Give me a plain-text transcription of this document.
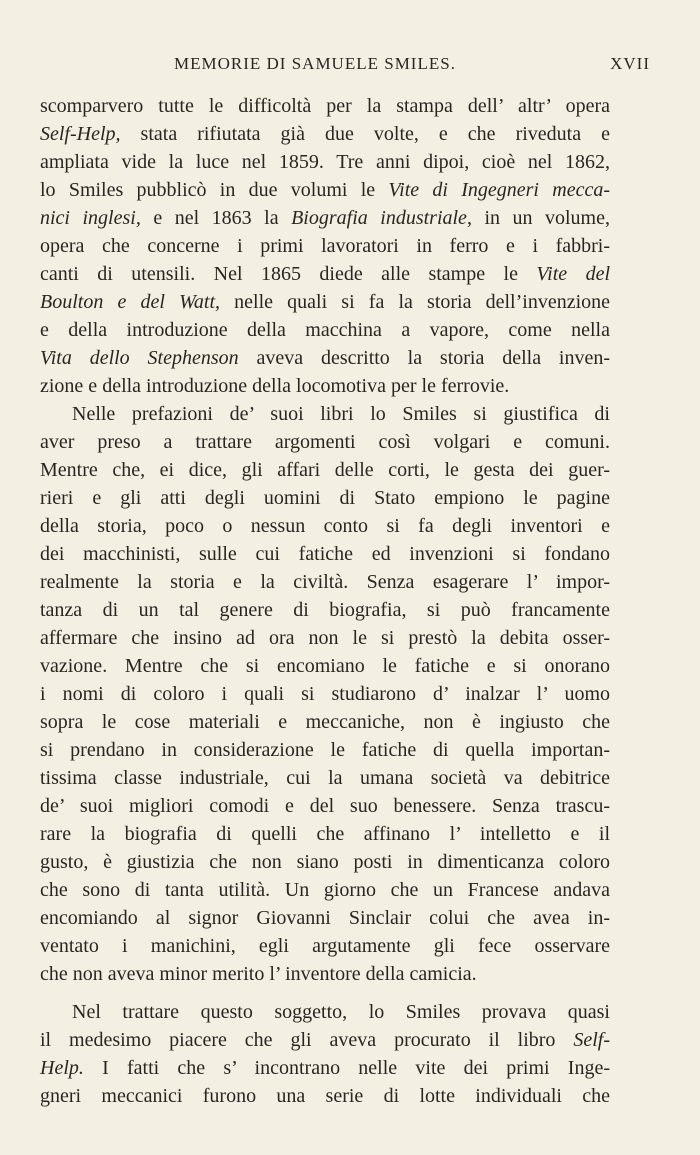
MEMORIE DI SAMUELE SMILES.	XVII
scomparvero tutte le difficoltà per la stampa dell’ altr’ opera
Self-Help, stata rifiutata già due volte, e che riveduta e
ampliata vide la luce nel 1859. Tre anni dipoi, cioè nel 1862,
lo Smiles pubblicò in due volumi le Vite di Ingegneri mecca-
nici inglesi, e nel 1863 la Biografia industriale, in un volume,
opera che concerne i primi lavoratori in ferro e i fabbri-
canti di utensili. Nel 1865 diede alle stampe le Vite del
Boulton e del Watt, nelle quali si fa la storia dell’invenzione
e della introduzione della macchina a vapore, come nella
Vita dello Stephenson aveva descritto la storia della inven-
zione e della introduzione della locomotiva per le ferrovie.
Nelle prefazioni de’ suoi libri lo Smiles si giustifica di
aver preso a trattare argomenti così volgari e comuni.
Mentre che, ei dice, gli affari delle corti, le gesta dei guer-
rieri e gli atti degli uomini di Stato empiono le pagine
della storia, poco o nessun conto si fa degli inventori e
dei macchinisti, sulle cui fatiche ed invenzioni si fondano
realmente la storia e la civiltà. Senza esagerare l’ impor-
tanza di un tal genere di biografia, si può francamente
affermare che insino ad ora non le si prestò la debita osser-
vazione. Mentre che si encomiano le fatiche e si onorano
i nomi di coloro i quali si studiarono d’ inalzar l’ uomo
sopra le cose materiali e meccaniche, non è ingiusto che
si prendano in considerazione le fatiche di quella importan-
tissima classe industriale, cui la umana società va debitrice
de’ suoi migliori comodi e del suo benessere. Senza trascu-
rare la biografia di quelli che affinano l’ intelletto e il
gusto, è giustizia che non siano posti in dimenticanza coloro
che sono di tanta utilità. Un giorno che un Francese andava
encomiando al signor Giovanni Sinclair colui che avea in-
ventato i manichini, egli argutamente gli fece osservare
che non aveva minor merito l’ inventore della camicia.
Nel trattare questo soggetto, lo Smiles provava quasi
il medesimo piacere che gli aveva procurato il libro Self-
Help. I fatti che s’ incontrano nelle vite dei primi Inge-
gneri meccanici furono una serie di lotte individuali che
